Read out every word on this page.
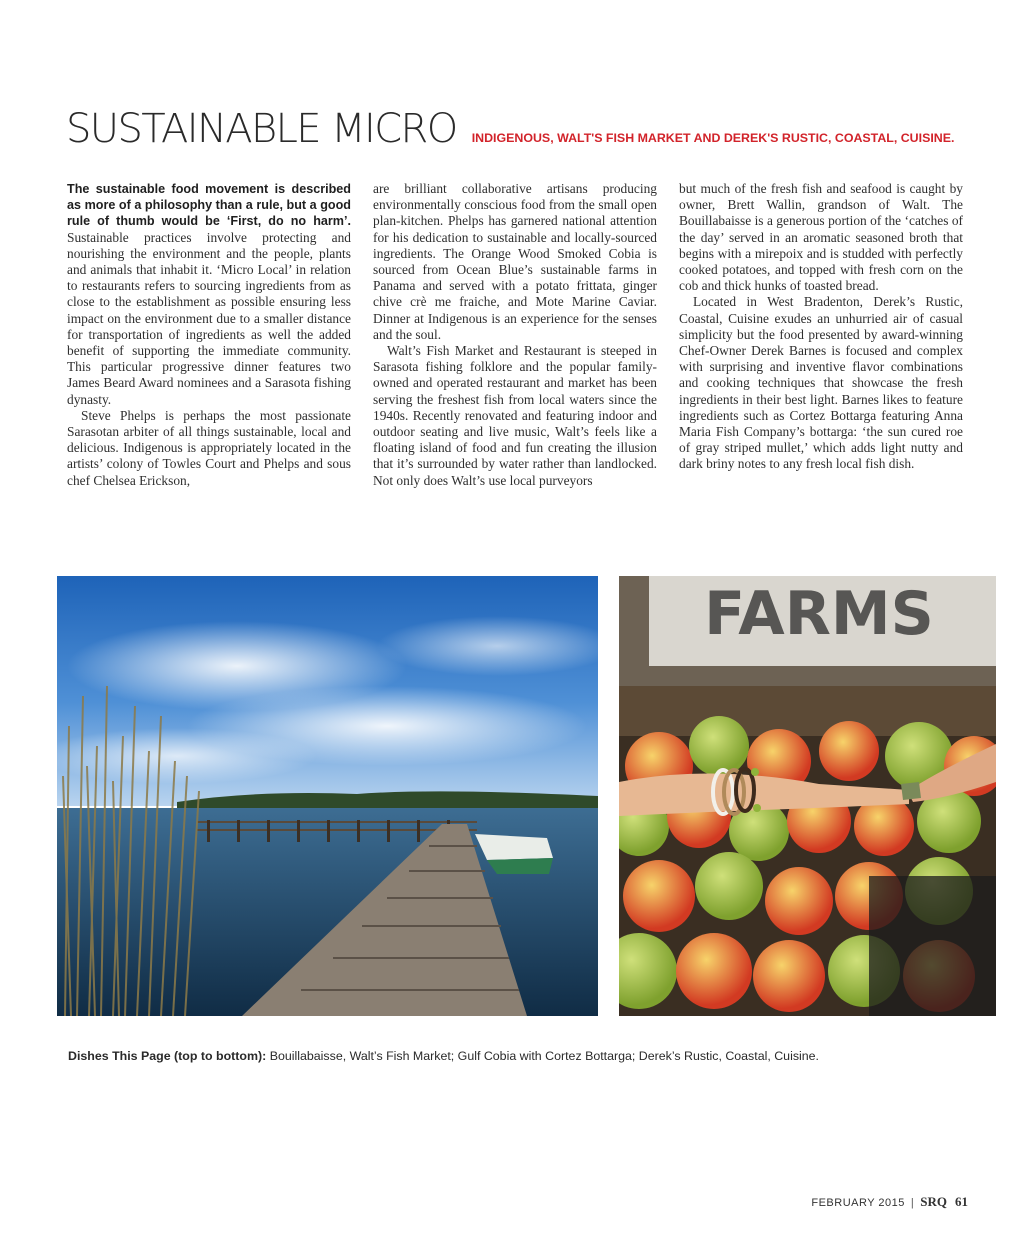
SUSTAINABLE MICRO INDIGENOUS, WALT'S FISH MARKET AND DEREK'S RUSTIC, COASTAL, CUISINE.

The sustainable food movement is described as more of a philosophy than a rule, but a good rule of thumb would be ‘First, do no harm’. Sustainable practices involve protecting and nourishing the environment and the people, plants and animals that inhabit it. ‘Micro Local’ in relation to restaurants refers to sourcing ingredients from as close to the establishment as possible ensuring less impact on the environment due to a smaller distance for transportation of ingredients as well the added benefit of supporting the immediate community. This particular progressive dinner features two James Beard Award nominees and a Sarasota fishing dynasty.

Steve Phelps is perhaps the most passionate Sarasotan arbiter of all things sustainable, local and delicious. Indigenous is appropriately located in the artists’ colony of Towles Court and Phelps and sous chef Chelsea Erickson,

are brilliant collaborative artisans producing environmentally conscious food from the small open plan-kitchen. Phelps has garnered national attention for his dedication to sustainable and locally-sourced ingredients. The Orange Wood Smoked Cobia is sourced from Ocean Blue’s sustainable farms in Panama and served with a potato frittata, ginger chive crè me fraiche, and Mote Marine Caviar. Dinner at Indigenous is an experience for the senses and the soul.

Walt’s Fish Market and Restaurant is steeped in Sarasota fishing folklore and the popular family-owned and operated restaurant and market has been serving the freshest fish from local waters since the 1940s. Recently renovated and featuring indoor and outdoor seating and live music, Walt’s feels like a floating island of food and fun creating the illusion that it’s surrounded by water rather than landlocked. Not only does Walt’s use local purveyors

but much of the fresh fish and seafood is caught by owner, Brett Wallin, grandson of Walt. The Bouillabaisse is a generous portion of the ‘catches of the day’ served in an aromatic seasoned broth that begins with a mirepoix and is studded with perfectly cooked potatoes, and topped with fresh corn on the cob and thick hunks of toasted bread.

Located in West Bradenton, Derek’s Rustic, Coastal, Cuisine exudes an unhurried air of casual simplicity but the food presented by award-winning Chef-Owner Derek Barnes is focused and complex with surprising and inventive flavor combinations and cooking techniques that showcase the fresh ingredients in their best light. Barnes likes to feature ingredients such as Cortez Bottarga featuring Anna Maria Fish Company’s bottarga: ‘the sun cured roe of gray striped mullet,’ which adds light nutty and dark briny notes to any fresh local fish dish.

FARMS
Dishes This Page (top to bottom): Bouillabaisse, Walt’s Fish Market; Gulf Cobia with Cortez Bottarga; Derek’s Rustic, Coastal, Cuisine.
FEBRUARY 2015 | SRQ 61
